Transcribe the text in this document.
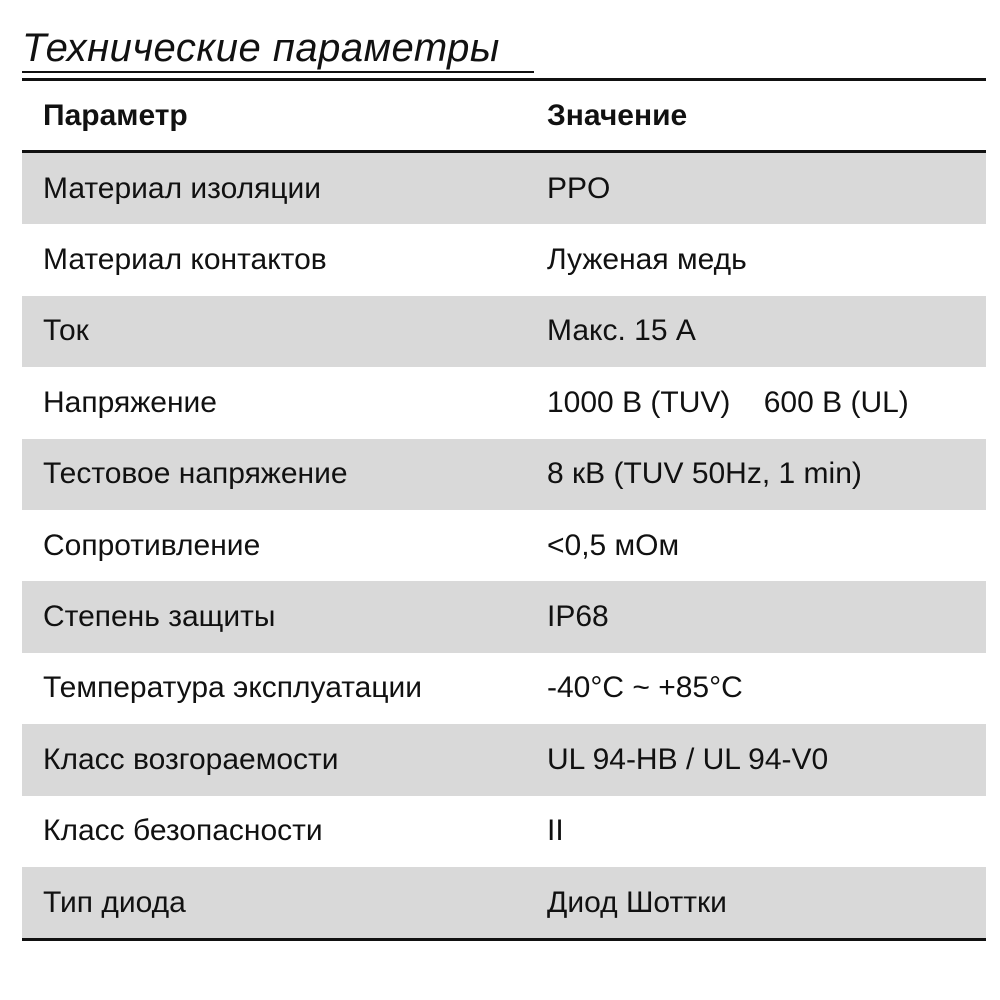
Технические параметры
Параметр	Значение
Материал изоляции	PPO
Материал контактов	Луженая медь
Ток	Макс. 15 А
Напряжение	1000 В (TUV)    600 В (UL)
Тестовое напряжение	8 кВ (TUV 50Hz, 1 min)
Сопротивление	<0,5 мОм
Степень защиты	IP68
Температура эксплуатации	-40°C ~ +85°C
Класс возгораемости	UL 94-HB / UL 94-V0
Класс безопасности	II
Тип диода	Диод Шоттки
